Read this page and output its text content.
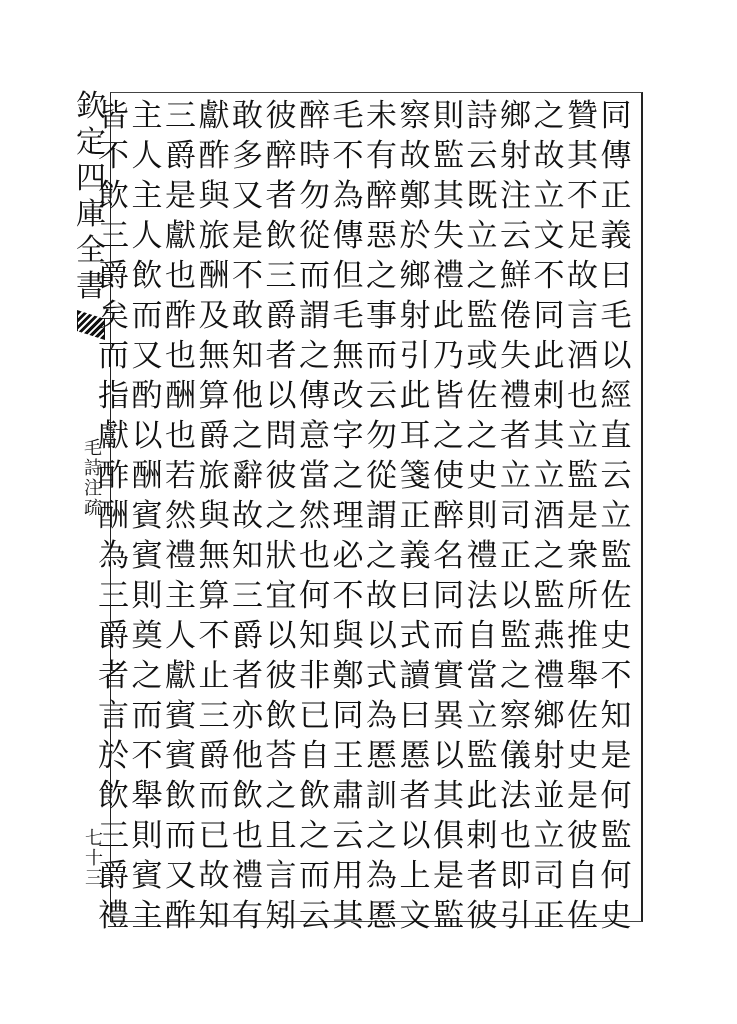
欽
定
四
庫
全
書
毛
詩
注
疏
七
十
三
同
傳
正
義
曰
毛
以
經
直
云
立
監
佐
史
不
知
是
何
監
何
史
贊
其
不
足
故
言
酒
也
立
監
是
衆
所
推
舉
佐
史
是
彼
自
佐
之
故
立
文
不
同
此
剌
其
立
酒
之
監
燕
禮
鄉
射
並
立
司
正
鄉
射
注
云
鮮
倦
失
禮
者
立
司
正
以
監
之
察
儀
法
也
即
引
詩
云
既
立
之
監
或
佐
之
史
則
禮
法
自
當
立
監
此
剌
者
彼
則
監
其
失
禮
此
乃
皆
之
使
醉
名
同
而
實
異
以
其
俱
是
監
察
故
鄭
於
鄉
射
引
此
耳
箋
正
義
曰
式
讀
曰
慝
者
以
上
文
未
有
醉
惡
之
事
而
云
勿
從
謂
之
故
以
式
為
慝
訓
之
為
慝
毛
不
為
傳
但
毛
無
改
字
之
理
必
不
與
鄭
同
王
肅
云
用
其
醉
時
勿
從
而
謂
之
傳
意
當
然
也
何
知
非
已
自
飲
之
而
云
彼
醉
者
飲
三
爵
者
以
問
彼
之
狀
宜
以
彼
飲
荅
之
且
言
矧
敢
多
又
是
不
敢
知
他
之
辭
故
知
三
爵
者
亦
他
飲
也
禮
有
獻
酢
與
旅
酬
及
無
算
爵
旅
與
無
算
不
止
三
爵
而
已
故
知
三
爵
是
獻
也
酢
也
酬
也
若
然
禮
主
人
獻
賓
賓
飲
而
又
酢
主
人
主
人
飲
而
又
酌
以
酬
賓
賓
則
奠
之
而
不
舉
則
賓
主
皆
不
飲
三
爵
矣
而
指
獻
酢
酬
為
三
爵
者
言
於
飲
三
爵
禮
